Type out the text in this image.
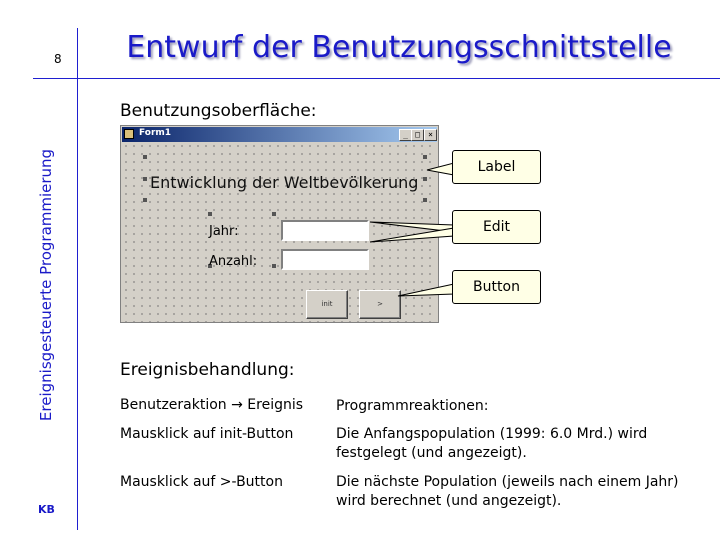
8
Ereignisgesteuerte Programmierung
Entwurf der Benutzungsschnittstelle
KB
Benutzungsoberfläche:
Form1	_ □	×
Entwicklung der Weltbevölkerung
Jahr:
Anzahl:
init	>
Label
Edit
Button
Ereignisbehandlung:
Benutzeraktion → Ereignis	Programmreaktionen:
Mausklick auf init-Button	Die Anfangspopulation (1999: 6.0 Mrd.) wird festgelegt (und angezeigt).
Mausklick auf >-Button	Die nächste Population (jeweils nach einem Jahr) wird berechnet (und angezeigt).
